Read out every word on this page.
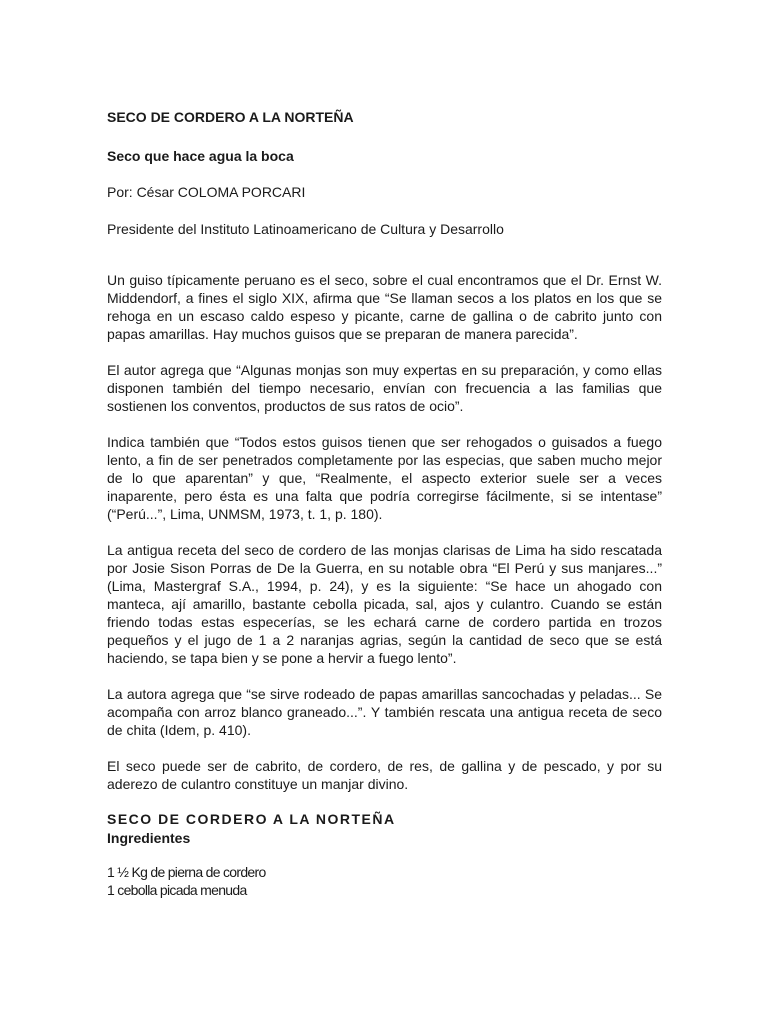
SECO DE CORDERO A LA NORTEÑA

Seco que hace agua la boca

Por: César COLOMA PORCARI

Presidente del Instituto Latinoamericano de Cultura y Desarrollo

Un guiso típicamente peruano es el seco, sobre el cual encontramos que el Dr. Ernst W. Middendorf, a fines el siglo XIX, afirma que “Se llaman secos a los platos en los que se rehoga en un escaso caldo espeso y picante, carne de gallina o de cabrito junto con papas amarillas. Hay muchos guisos que se preparan de manera parecida”.

El autor agrega que “Algunas monjas son muy expertas en su preparación, y como ellas disponen también del tiempo necesario, envían con frecuencia a las familias que sostienen los conventos, productos de sus ratos de ocio”.

Indica también que “Todos estos guisos tienen que ser rehogados o guisados a fuego lento, a fin de ser penetrados completamente por las especias, que saben mucho mejor de lo que aparentan” y que, “Realmente, el aspecto exterior suele ser a veces inaparente, pero ésta es una falta que podría corregirse fácilmente, si se intentase” (“Perú...”, Lima, UNMSM, 1973, t. 1, p. 180).

La antigua receta del seco de cordero de las monjas clarisas de Lima ha sido rescatada por Josie Sison Porras de De la Guerra, en su notable obra “El Perú y sus manjares...” (Lima, Mastergraf S.A., 1994, p. 24), y es la siguiente: “Se hace un ahogado con manteca, ají amarillo, bastante cebolla picada, sal, ajos y culantro. Cuando se están friendo todas estas especerías, se les echará carne de cordero partida en trozos pequeños y el jugo de 1 a 2 naranjas agrias, según la cantidad de seco que se está haciendo, se tapa bien y se pone a hervir a fuego lento”.

La autora agrega que “se sirve rodeado de papas amarillas sancochadas y peladas... Se acompaña con arroz blanco graneado...”. Y también rescata una antigua receta de seco de chita (Idem, p. 410).

El seco puede ser de cabrito, de cordero, de res, de gallina y de pescado, y por su aderezo de culantro constituye un manjar divino.

SECO DE CORDERO A LA NORTEÑA

Ingredientes

1 ½ Kg de pierna de cordero
1 cebolla picada menuda
